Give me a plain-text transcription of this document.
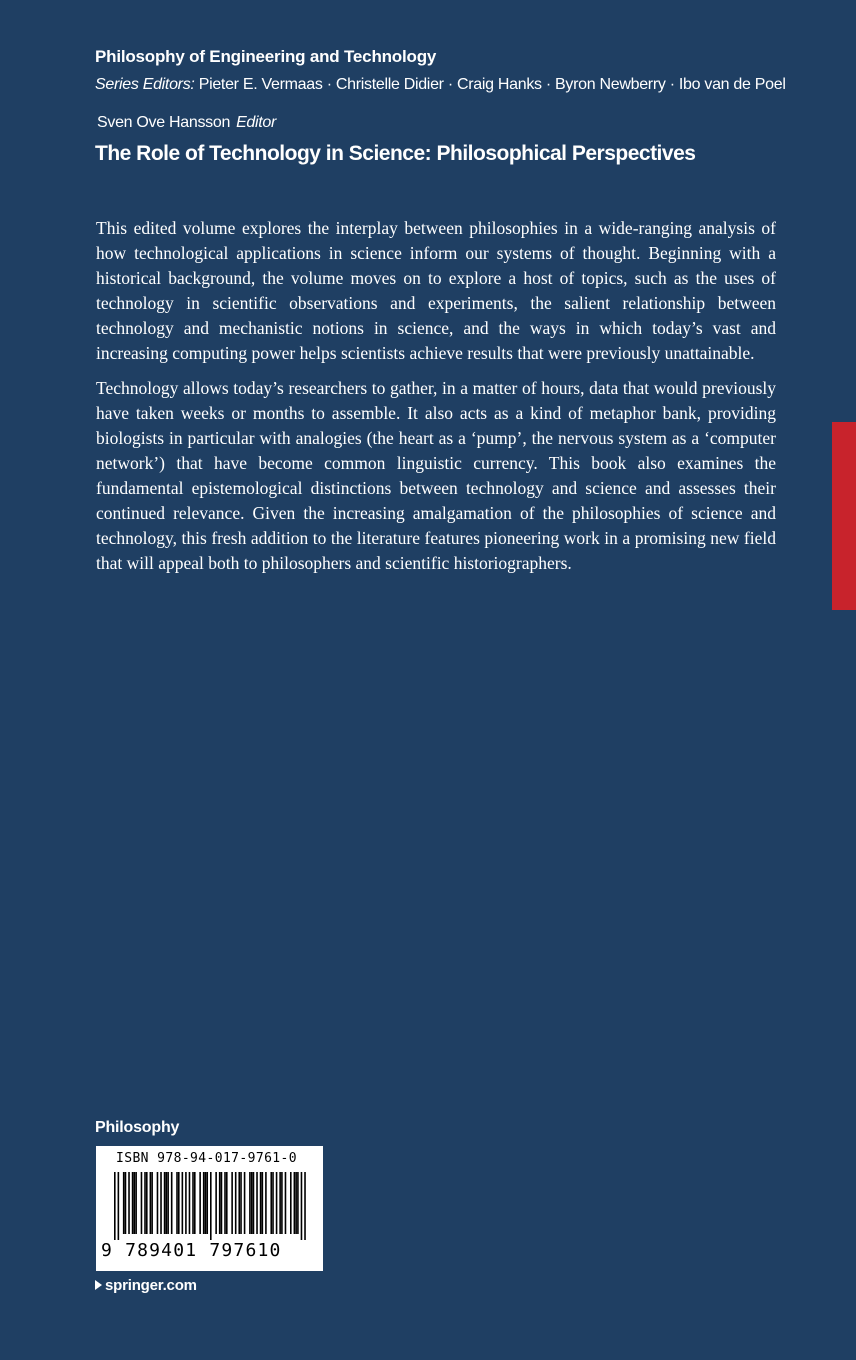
Philosophy of Engineering and Technology
Series Editors: Pieter E. Vermaas · Christelle Didier · Craig Hanks · Byron Newberry · Ibo van de Poel
Sven Ove Hansson Editor
The Role of Technology in Science: Philosophical Perspectives

This edited volume explores the interplay between philosophies in a wide-ranging analysis of how technological applications in science inform our systems of thought. Beginning with a historical background, the volume moves on to explore a host of topics, such as the uses of technology in scientific observations and experiments, the salient relationship between technology and mechanistic notions in science, and the ways in which today’s vast and increasing computing power helps scientists achieve results that were previously unattainable.

Technology allows today’s researchers to gather, in a matter of hours, data that would previously have taken weeks or months to assemble. It also acts as a kind of metaphor bank, providing biologists in particular with analogies (the heart as a ‘pump’, the nervous system as a ‘computer network’) that have become common linguistic currency. This book also examines the fundamental epistemological distinctions between technology and science and assesses their continued relevance. Given the increasing amalgamation of the philosophies of science and technology, this fresh addition to the literature features pioneering work in a promising new field that will appeal both to philosophers and scientific historiographers.

Philosophy
ISBN 978-94-017-9761-0
9 789401 797610
springer.com
